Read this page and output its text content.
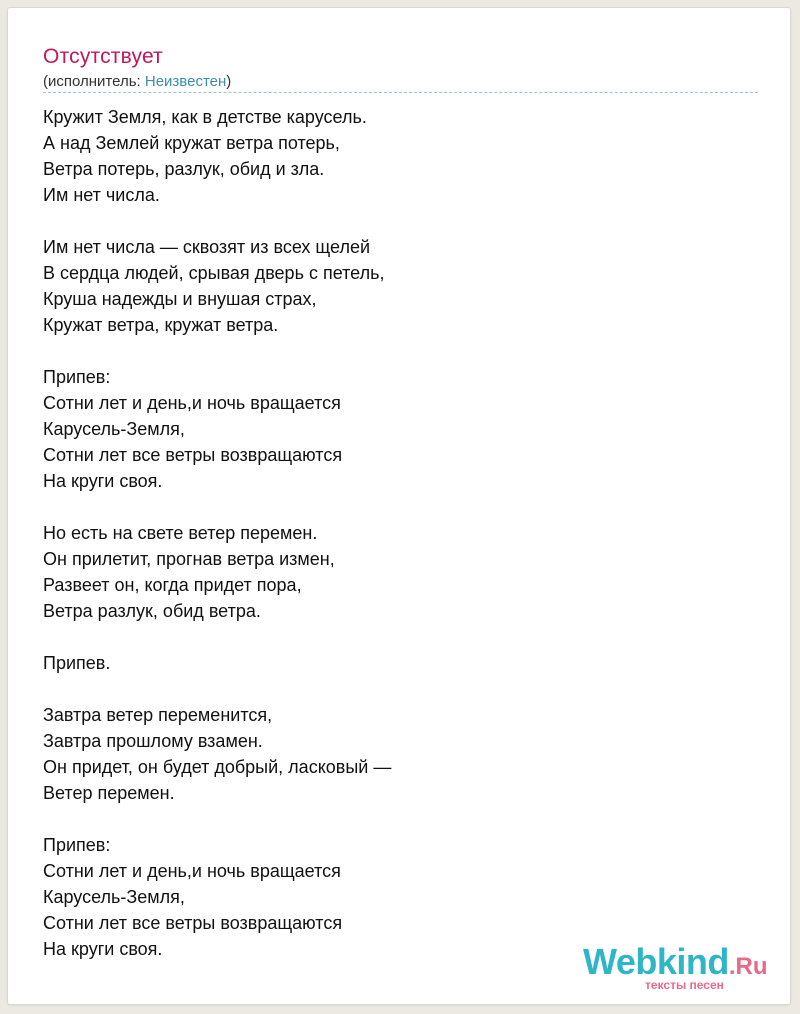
Отсутствует
(исполнитель: Неизвестен)
Кружит Земля, как в детстве карусель.
А над Землей кружат ветра потерь,
Ветра потерь, разлук, обид и зла.
Им нет числа.

Им нет числа — сквозят из всех щелей
В сердца людей, срывая дверь с петель,
Круша надежды и внушая страх,
Кружат ветра, кружат ветра.

Припев:
Сотни лет и день,и ночь вращается
Карусель-Земля,
Сотни лет все ветры возвращаются
На круги своя.

Но есть на свете ветер перемен.
Он прилетит, прогнав ветра измен,
Развеет он, когда придет пора,
Ветра разлук, обид ветра.

Припев.

Завтра ветер переменится,
Завтра прошлому взамен.
Он придет, он будет добрый, ласковый —
Ветер перемен.

Припев:
Сотни лет и день,и ночь вращается
Карусель-Земля,
Сотни лет все ветры возвращаются
На круги своя.	Webkind.Ru
тексты песен
